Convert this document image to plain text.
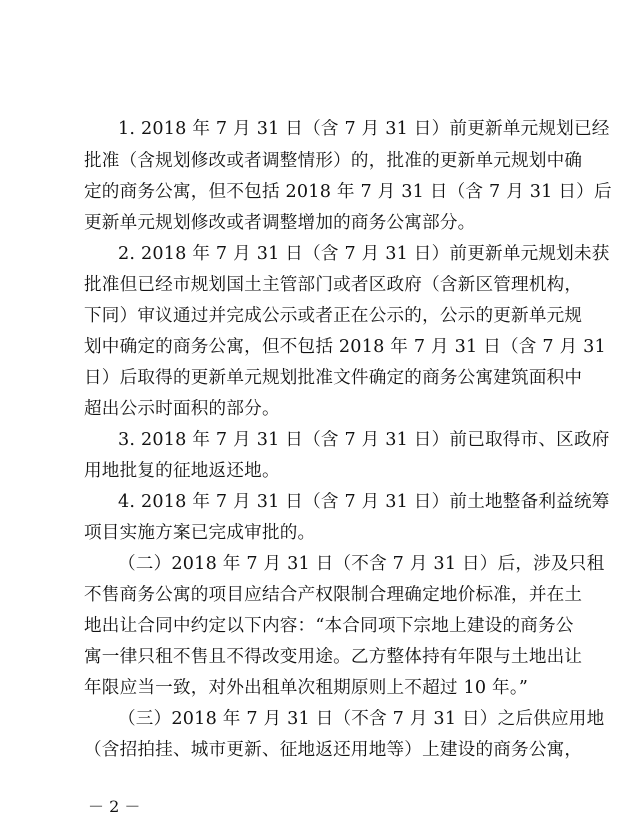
1. 2018 年 7 月 31 日（含 7 月 31 日）前更新单元规划已经
批准（含规划修改或者调整情形）的，批准的更新单元规划中确
定的商务公寓，但不包括 2018 年 7 月 31 日（含 7 月 31 日）后
更新单元规划修改或者调整增加的商务公寓部分。
2. 2018 年 7 月 31 日（含 7 月 31 日）前更新单元规划未获
批准但已经市规划国土主管部门或者区政府（含新区管理机构，
下同）审议通过并完成公示或者正在公示的，公示的更新单元规
划中确定的商务公寓，但不包括 2018 年 7 月 31 日（含 7 月 31
日）后取得的更新单元规划批准文件确定的商务公寓建筑面积中
超出公示时面积的部分。
3. 2018 年 7 月 31 日（含 7 月 31 日）前已取得市、区政府
用地批复的征地返还地。
4. 2018 年 7 月 31 日（含 7 月 31 日）前土地整备利益统筹
项目实施方案已完成审批的。
（二）2018 年 7 月 31 日（不含 7 月 31 日）后，涉及只租
不售商务公寓的项目应结合产权限制合理确定地价标准，并在土
地出让合同中约定以下内容：“本合同项下宗地上建设的商务公
寓一律只租不售且不得改变用途。乙方整体持有年限与土地出让
年限应当一致，对外出租单次租期原则上不超过 10 年。”
（三）2018 年 7 月 31 日（不含 7 月 31 日）之后供应用地
（含招拍挂、城市更新、征地返还用地等）上建设的商务公寓，
－ 2 －
